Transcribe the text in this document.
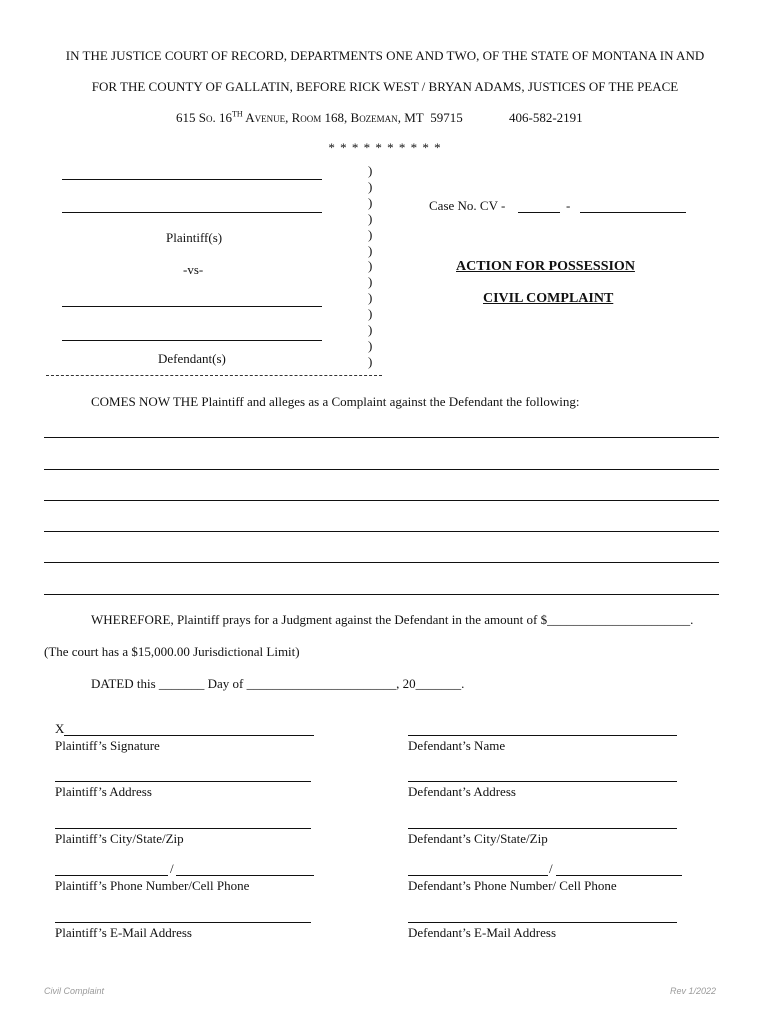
IN THE JUSTICE COURT OF RECORD, DEPARTMENTS ONE AND TWO, OF THE STATE OF MONTANA IN AND
FOR THE COUNTY OF GALLATIN, BEFORE RICK WEST / BRYAN ADAMS, JUSTICES OF THE PEACE
615 So. 16TH Avenue, Room 168, Bozeman, MT  59715	406-582-2191
* * * * * * * * * *
Plaintiff(s)
-vs-
Defendant(s)
)
)
)
)
)
)
)
)
)
)
)
)
)
Case No. CV -	-
ACTION FOR POSSESSION
CIVIL COMPLAINT
COMES NOW THE Plaintiff and alleges as a Complaint against the Defendant the following:
WHEREFORE, Plaintiff prays for a Judgment against the Defendant in the amount of $______________________.
(The court has a $15,000.00 Jurisdictional Limit)
DATED this _______ Day of _______________________, 20_______.
X
Plaintiff’s Signature
Plaintiff’s Address
Plaintiff’s City/State/Zip
/
Plaintiff’s Phone Number/Cell Phone
Plaintiff’s E-Mail Address
Defendant’s Name
Defendant’s Address
Defendant’s City/State/Zip
/
Defendant’s Phone Number/ Cell Phone
Defendant’s E-Mail Address
Civil Complaint	Rev 1/2022
